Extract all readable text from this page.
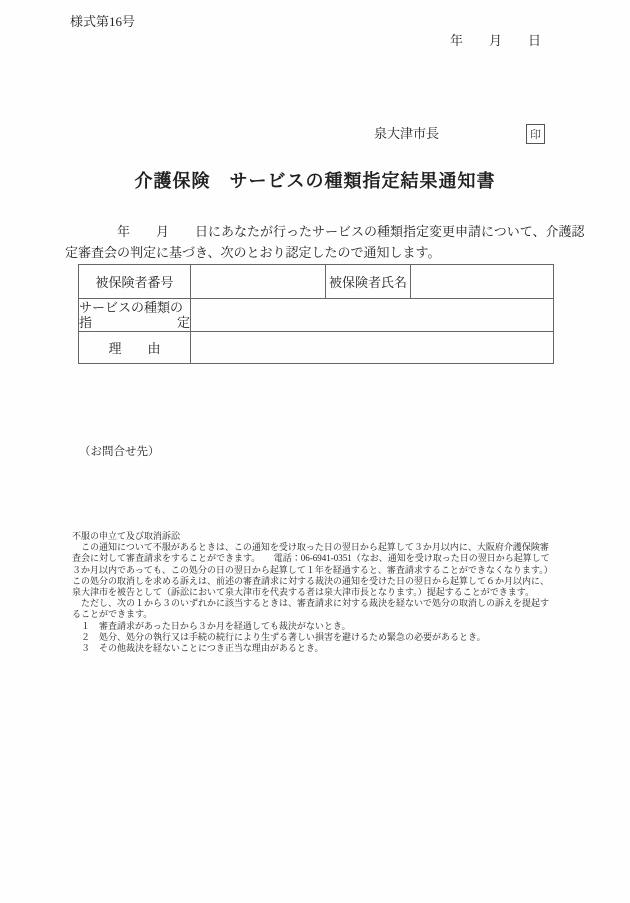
様式第16号
年　　月　　日
泉大津市長	印
介護保険　サービスの種類指定結果通知書
　　　　年　　月　　日にあなたが行ったサービスの種類指定変更申請について、介護認
定審査会の判定に基づき、次のとおり認定したので通知します。
被保険者番号		被保険者氏名	

サービスの種類の
指 定			

理　　由			
（お問合せ先）
不服の申立て及び取消訴訟
　この通知について不服があるときは、この通知を受け取った日の翌日から起算して３か月以内に、大阪府介護保険審
査会に対して審査請求をすることができます。　　電話：06-6941-0351（なお、通知を受け取った日の翌日から起算して
３か月以内であっても、この処分の日の翌日から起算して１年を経過すると、審査請求することができなくなります。）
この処分の取消しを求める訴えは、前述の審査請求に対する裁決の通知を受けた日の翌日から起算して６か月以内に、
泉大津市を被告として（訴訟において泉大津市を代表する者は泉大津市長となります。）提起することができます。
　ただし、次の１から３のいずれかに該当するときは、審査請求に対する裁決を経ないで処分の取消しの訴えを提起す
ることができます。
　１　審査請求があった日から３か月を経過しても裁決がないとき。
　２　処分、処分の執行又は手続の続行により生ずる著しい損害を避けるため緊急の必要があるとき。
　３　その他裁決を経ないことにつき正当な理由があるとき。
